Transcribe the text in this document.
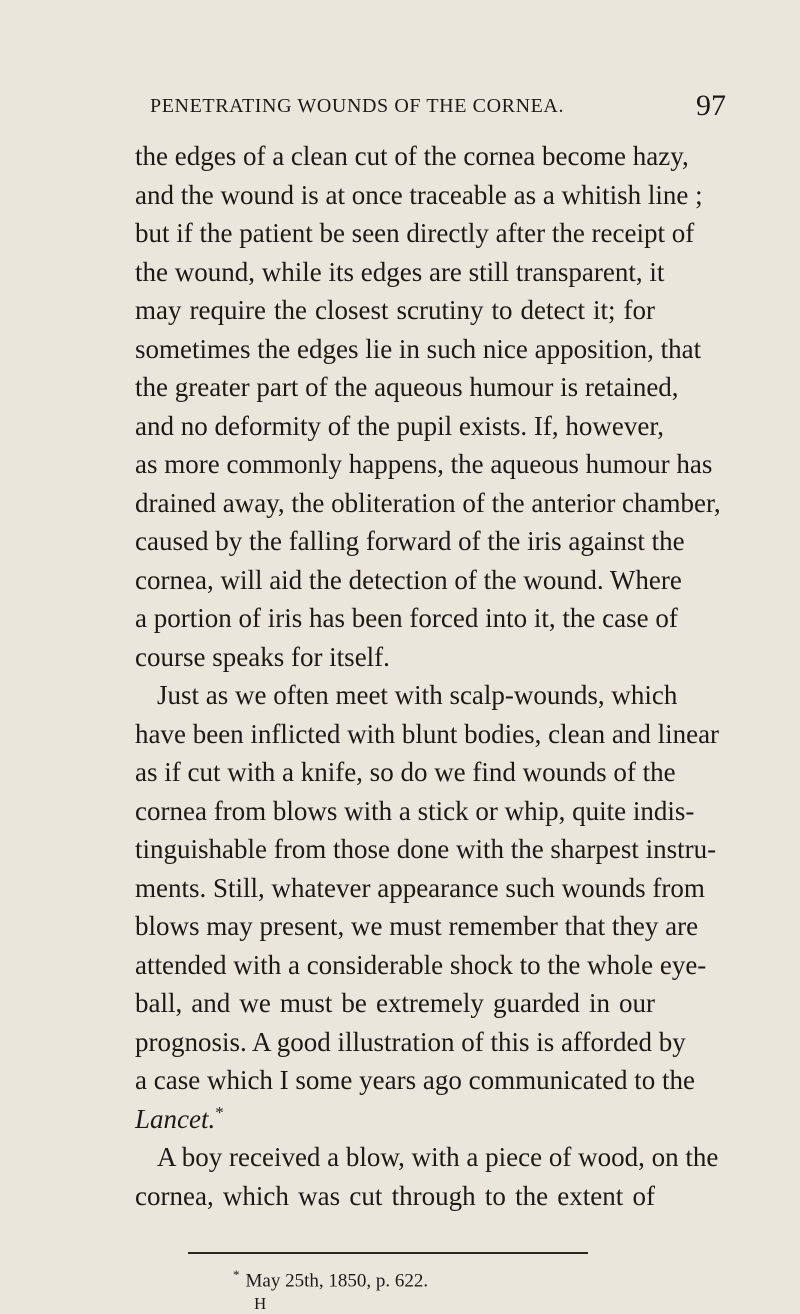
PENETRATING WOUNDS OF THE CORNEA.	97
the edges of a clean cut of the cornea become hazy,
and the wound is at once traceable as a whitish line ;
but if the patient be seen directly after the receipt of
the wound, while its edges are still transparent, it
may require the closest scrutiny to detect it; for
sometimes the edges lie in such nice apposition, that
the greater part of the aqueous humour is retained,
and no deformity of the pupil exists. If, however,
as more commonly happens, the aqueous humour has
drained away, the obliteration of the anterior chamber,
caused by the falling forward of the iris against the
cornea, will aid the detection of the wound. Where
a portion of iris has been forced into it, the case of
course speaks for itself.
Just as we often meet with scalp-wounds, which
have been inflicted with blunt bodies, clean and linear
as if cut with a knife, so do we find wounds of the
cornea from blows with a stick or whip, quite indis-
tinguishable from those done with the sharpest instru-
ments. Still, whatever appearance such wounds from
blows may present, we must remember that they are
attended with a considerable shock to the whole eye-
ball, and we must be extremely guarded in our
prognosis. A good illustration of this is afforded by
a case which I some years ago communicated to the
Lancet.*
A boy received a blow, with a piece of wood, on the
cornea, which was cut through to the extent of
* May 25th, 1850, p. 622.
H
